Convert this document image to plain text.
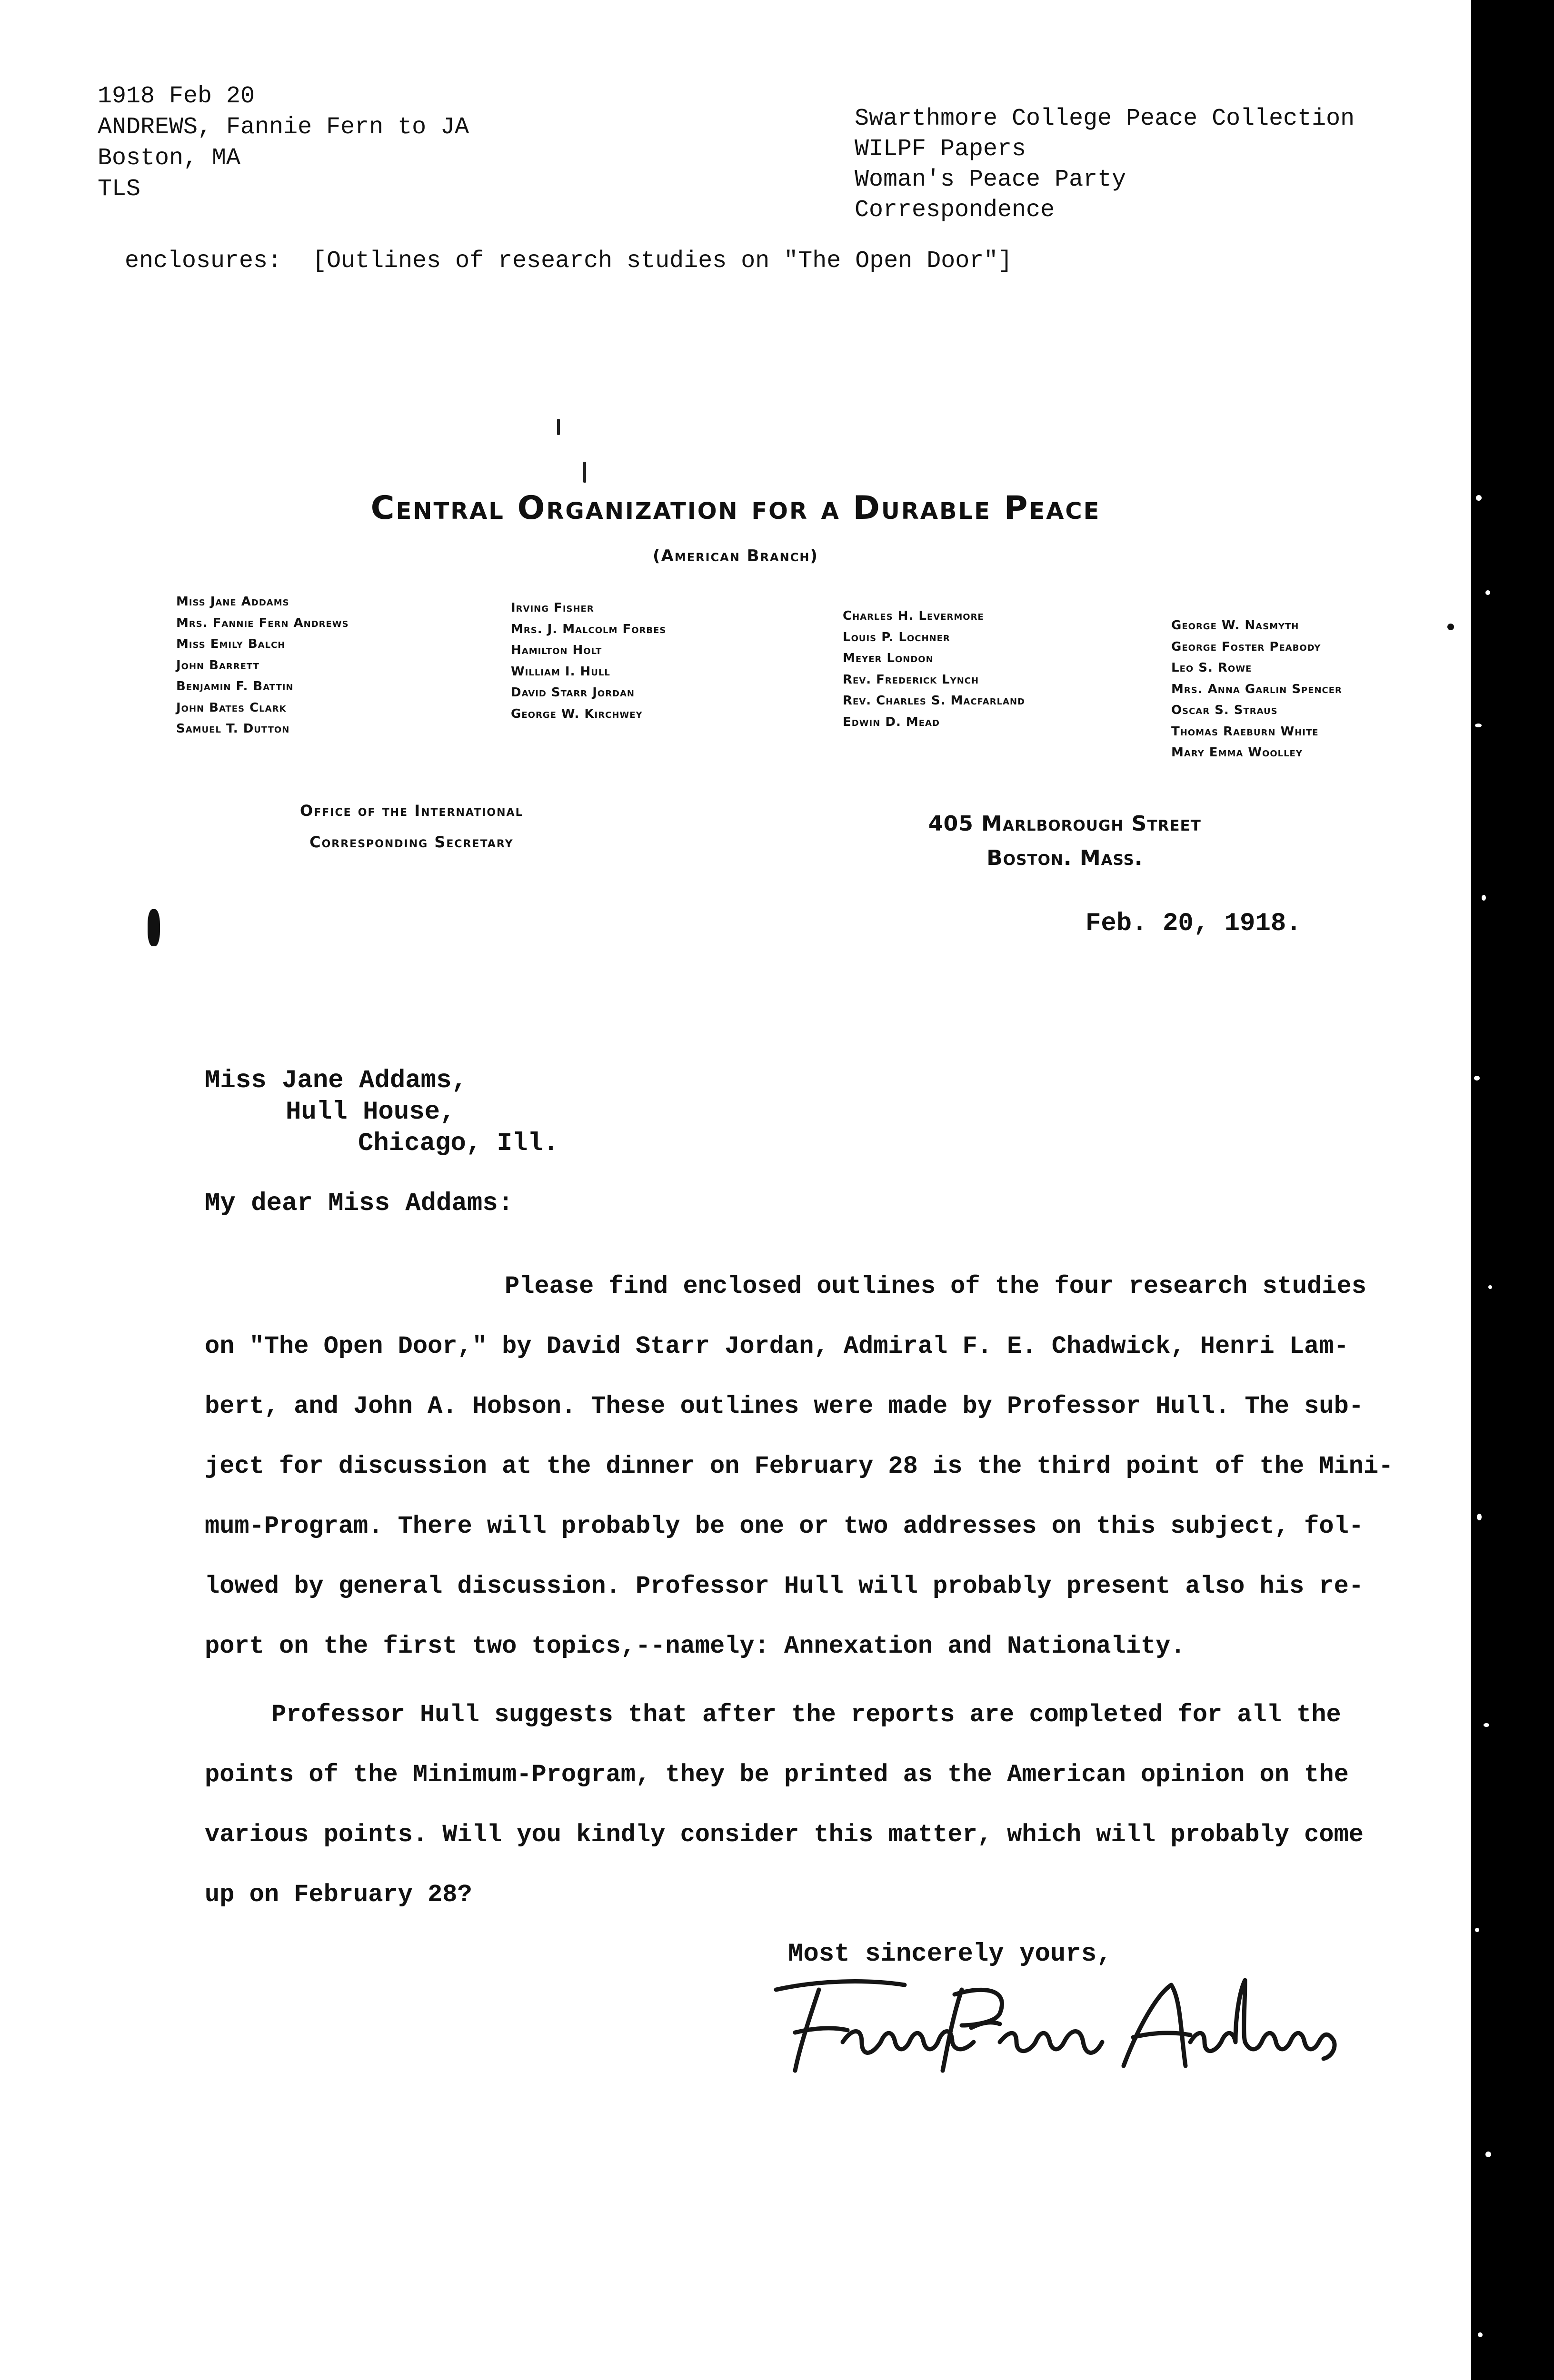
1918 Feb 20
ANDREWS, Fannie Fern to JA
Boston, MA
TLS
Swarthmore College Peace Collection
WILPF Papers
Woman's Peace Party
Correspondence
enclosures: [Outlines of research studies on "The Open Door"]
Central Organization for a Durable Peace
(American Branch)
Miss Jane Addams
Mrs. Fannie Fern Andrews
Miss Emily Balch
John Barrett
Benjamin F. Battin
John Bates Clark
Samuel T. Dutton
Irving Fisher
Mrs. J. Malcolm Forbes
Hamilton Holt
William I. Hull
David Starr Jordan
George W. Kirchwey
Charles H. Levermore
Louis P. Lochner
Meyer London
Rev. Frederick Lynch
Rev. Charles S. Macfarland
Edwin D. Mead
George W. Nasmyth
George Foster Peabody
Leo S. Rowe
Mrs. Anna Garlin Spencer
Oscar S. Straus
Thomas Raeburn White
Mary Emma Woolley
Office of the International
Corresponding Secretary
405 Marlborough Street
Boston. Mass.
Feb. 20, 1918.
Miss Jane Addams,
Hull House,
Chicago, Ill.
My dear Miss Addams:
Please find enclosed outlines of the four research studies
on "The Open Door," by David Starr Jordan, Admiral F. E. Chadwick, Henri Lam-
bert, and John A. Hobson. These outlines were made by Professor Hull. The sub-
ject for discussion at the dinner on February 28 is the third point of the Mini-
mum-Program. There will probably be one or two addresses on this subject, fol-
lowed by general discussion. Professor Hull will probably present also his re-
port on the first two topics,--namely: Annexation and Nationality.
Professor Hull suggests that after the reports are completed for all the
points of the Minimum-Program, they be printed as the American opinion on the
various points. Will you kindly consider this matter, which will probably come
up on February 28?
Most sincerely yours,
